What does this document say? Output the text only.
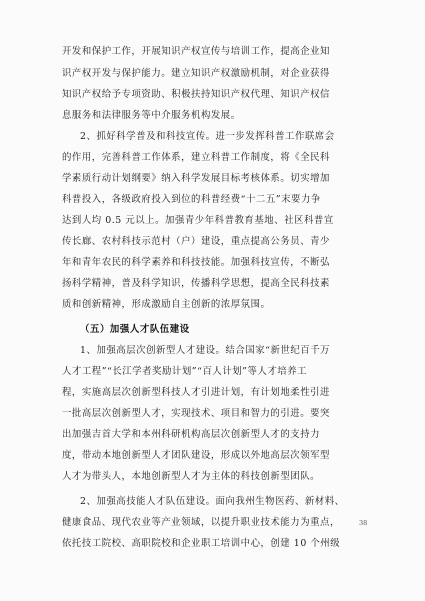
开发和保护工作，开展知识产权宣传与培训工作，提高企业知
识产权开发与保护能力。建立知识产权激励机制，对企业获得
知识产权给予专项资助、积极扶持知识产权代理、知识产权信
息服务和法律服务等中介服务机构发展。
2、抓好科学普及和科技宣传。进一步发挥科普工作联席会
的作用，完善科普工作体系，建立科普工作制度，将《全民科
学素质行动计划纲要》纳入科学发展目标考核体系。切实增加
科普投入，各级政府投入到位的科普经费“十二五”末要力争
达到人均 0.5 元以上。加强青少年科普教育基地、社区科普宣
传长廊、农村科技示范村（户）建设，重点提高公务员、青少
年和青年农民的科学素养和科技技能。加强科技宣传，不断弘
扬科学精神，普及科学知识，传播科学思想，提高全民科技素
质和创新精神，形成激励自主创新的浓厚氛围。
（五）加强人才队伍建设
1、加强高层次创新型人才建设。结合国家“新世纪百千万
人才工程”“长江学者奖励计划”“百人计划”等人才培养工
程，实施高层次创新型科技人才引进计划，有计划地柔性引进
一批高层次创新型人才，实现技术、项目和智力的引进。要突
出加强吉首大学和本州科研机构高层次创新型人才的支持力
度，带动本地创新型人才团队建设，形成以外地高层次领军型
人才为带头人，本地创新型人才为主体的科技创新型团队。
2、加强高技能人才队伍建设。面向我州生物医药、新材料、
健康食品、现代农业等产业领域，以提升职业技术能力为重点，
依托技工院校、高职院校和企业职工培训中心，创建 10 个州级
38
